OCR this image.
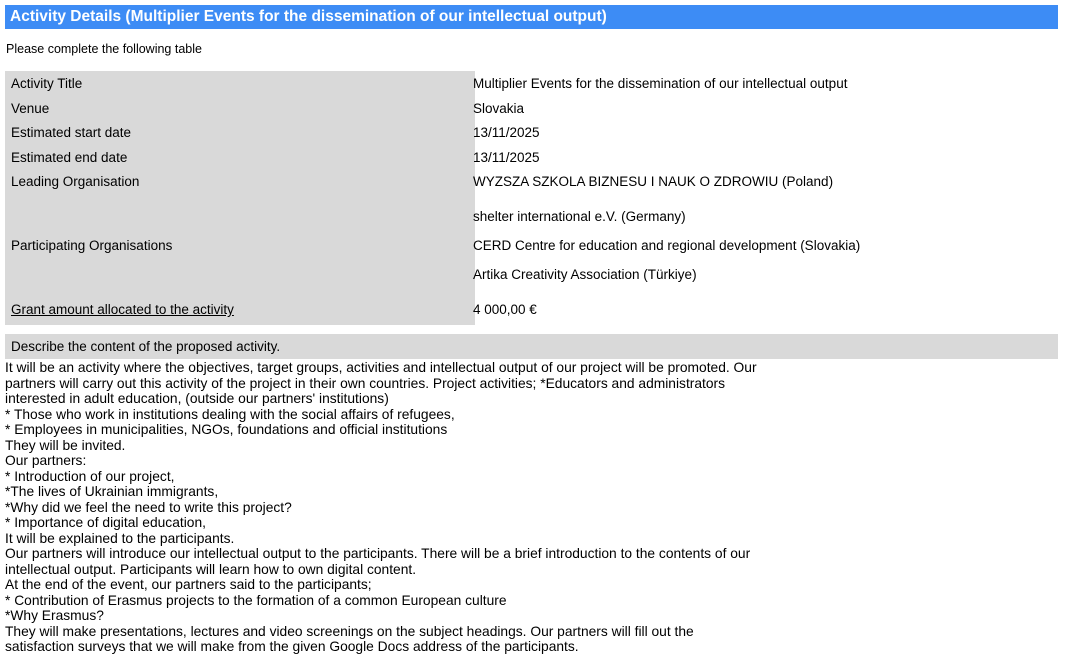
Activity Details (Multiplier Events for the dissemination of our intellectual output)
Please complete the following table
Activity Title	Multiplier Events for the dissemination of our intellectual output
Venue	Slovakia
Estimated start date	13/11/2025
Estimated end date	13/11/2025
Leading Organisation	WYZSZA SZKOLA BIZNESU I NAUK O ZDROWIU (Poland)
shelter international e.V. (Germany)
Participating Organisations	CERD Centre for education and regional development (Slovakia)
Artika Creativity Association (Türkiye)
Grant amount allocated to the activity	4 000,00 €
Describe the content of the proposed activity.
It will be an activity where the objectives, target groups, activities and intellectual output of our project will be promoted. Our
partners will carry out this activity of the project in their own countries. Project activities; *Educators and administrators
interested in adult education, (outside our partners' institutions)
* Those who work in institutions dealing with the social affairs of refugees,
* Employees in municipalities, NGOs, foundations and official institutions
They will be invited.
Our partners:
* Introduction of our project,
*The lives of Ukrainian immigrants,
*Why did we feel the need to write this project?
* Importance of digital education,
It will be explained to the participants.
Our partners will introduce our intellectual output to the participants. There will be a brief introduction to the contents of our
intellectual output. Participants will learn how to own digital content.
At the end of the event, our partners said to the participants;
* Contribution of Erasmus projects to the formation of a common European culture
*Why Erasmus?
They will make presentations, lectures and video screenings on the subject headings. Our partners will fill out the
satisfaction surveys that we will make from the given Google Docs address of the participants.
